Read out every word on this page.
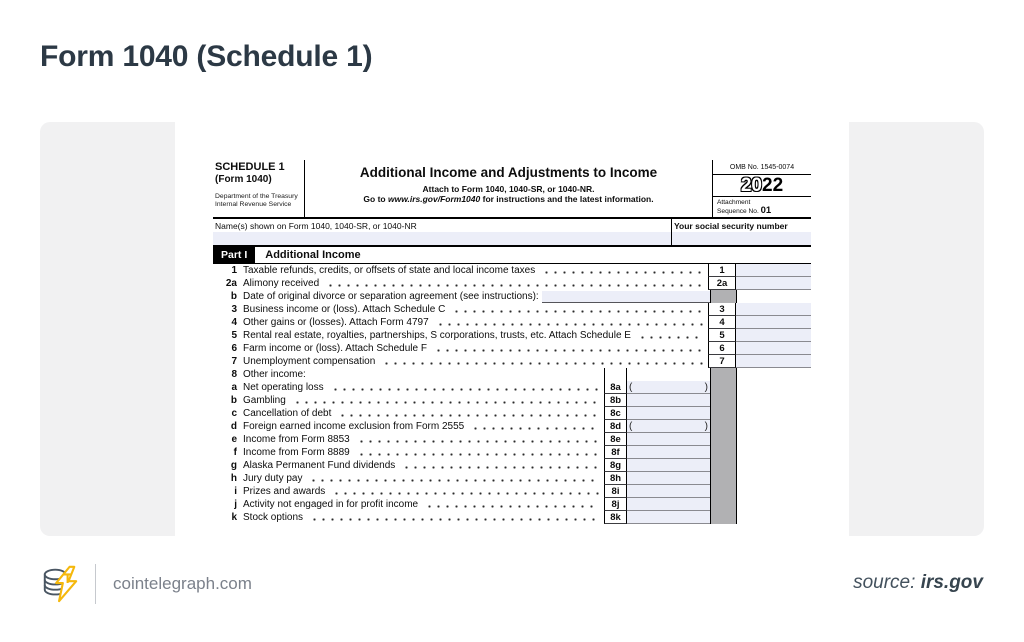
Form 1040 (Schedule 1)
SCHEDULE 1
(Form 1040)
Department of the Treasury
Internal Revenue Service
Additional Income and Adjustments to Income
Attach to Form 1040, 1040-SR, or 1040-NR.
Go to www.irs.gov/Form1040 for instructions and the latest information.
OMB No. 1545-0074
2022
Attachment
Sequence No. 01
Name(s) shown on Form 1040, 1040-SR, or 1040-NR	Your social security number
Part I	Additional Income
1 Taxable refunds, credits, or offsets of state and local income taxes	1
2a Alimony received	2a
b Date of original divorce or separation agreement (see instructions):
3 Business income or (loss). Attach Schedule C	3
4 Other gains or (losses). Attach Form 4797	4
5 Rental real estate, royalties, partnerships, S corporations, trusts, etc. Attach Schedule E	5
6 Farm income or (loss). Attach Schedule F	6
7 Unemployment compensation	7
8 Other income:
a Net operating loss	8a (	)
b Gambling	8b
c Cancellation of debt	8c
d Foreign earned income exclusion from Form 2555	8d (	)
e Income from Form 8853	8e
f Income from Form 8889	8f
g Alaska Permanent Fund dividends	8g
h Jury duty pay	8h
i Prizes and awards	8i
j Activity not engaged in for profit income	8j
k Stock options	8k
cointelegraph.com	source: irs.gov
